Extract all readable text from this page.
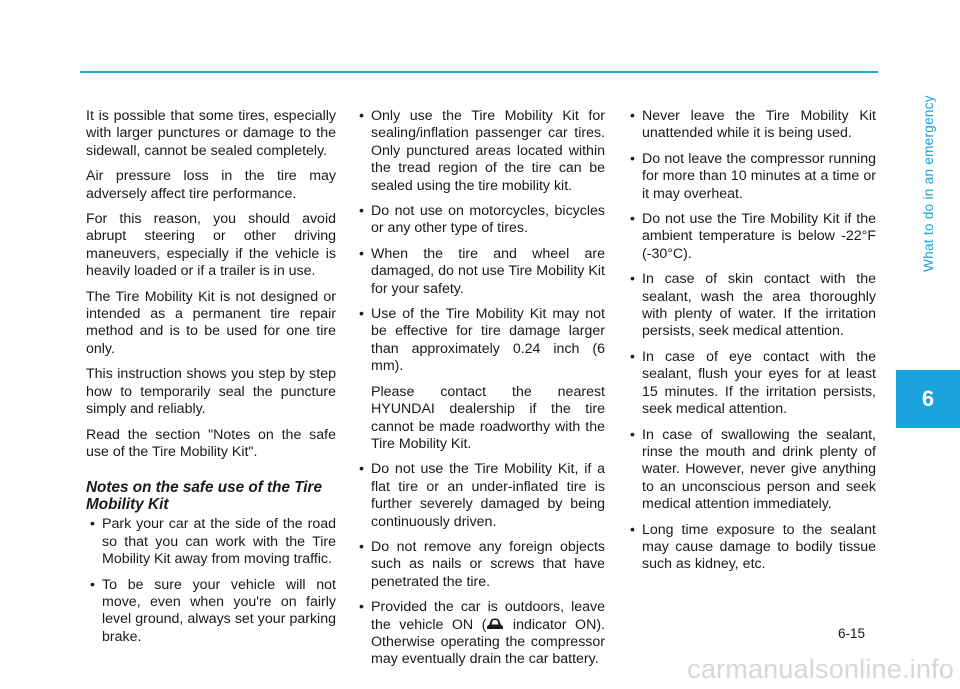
What to do in an emergency
6

It is possible that some tires, especially with larger punctures or damage to the sidewall, cannot be sealed completely.

Air pressure loss in the tire may adversely affect tire performance.

For this reason, you should avoid abrupt steering or other driving maneuvers, especially if the vehicle is heavily loaded or if a trailer is in use.

The Tire Mobility Kit is not designed or intended as a permanent tire repair method and is to be used for one tire only.

This instruction shows you step by step how to temporarily seal the puncture simply and reliably.

Read the section "Notes on the safe use of the Tire Mobility Kit".

Notes on the safe use of the Tire Mobility Kit
• Park your car at the side of the road so that you can work with the Tire Mobility Kit away from moving traffic.
• To be sure your vehicle will not move, even when you're on fairly level ground, always set your parking brake.
• Only use the Tire Mobility Kit for sealing/inflation passenger car tires. Only punctured areas located within the tread region of the tire can be sealed using the tire mobility kit.
• Do not use on motorcycles, bicycles or any other type of tires.
• When the tire and wheel are damaged, do not use Tire Mobility Kit for your safety.
• Use of the Tire Mobility Kit may not be effective for tire damage larger than approximately 0.24 inch (6 mm).
Please contact the nearest HYUNDAI dealership if the tire cannot be made roadworthy with the Tire Mobility Kit.
• Do not use the Tire Mobility Kit, if a flat tire or an under-inflated tire is further severely damaged by being continuously driven.
• Do not remove any foreign objects such as nails or screws that have penetrated the tire.
• Provided the car is outdoors, leave the vehicle ON ( indicator ON). Otherwise operating the compressor may eventually drain the car battery.
• Never leave the Tire Mobility Kit unattended while it is being used.
• Do not leave the compressor running for more than 10 minutes at a time or it may overheat.
• Do not use the Tire Mobility Kit if the ambient temperature is below -22°F (-30°C).
• In case of skin contact with the sealant, wash the area thoroughly with plenty of water. If the irritation persists, seek medical attention.
• In case of eye contact with the sealant, flush your eyes for at least 15 minutes. If the irritation persists, seek medical attention.
• In case of swallowing the sealant, rinse the mouth and drink plenty of water. However, never give anything to an unconscious person and seek medical attention immediately.
• Long time exposure to the sealant may cause damage to bodily tissue such as kidney, etc.
6-15
carmanualsonline.info
